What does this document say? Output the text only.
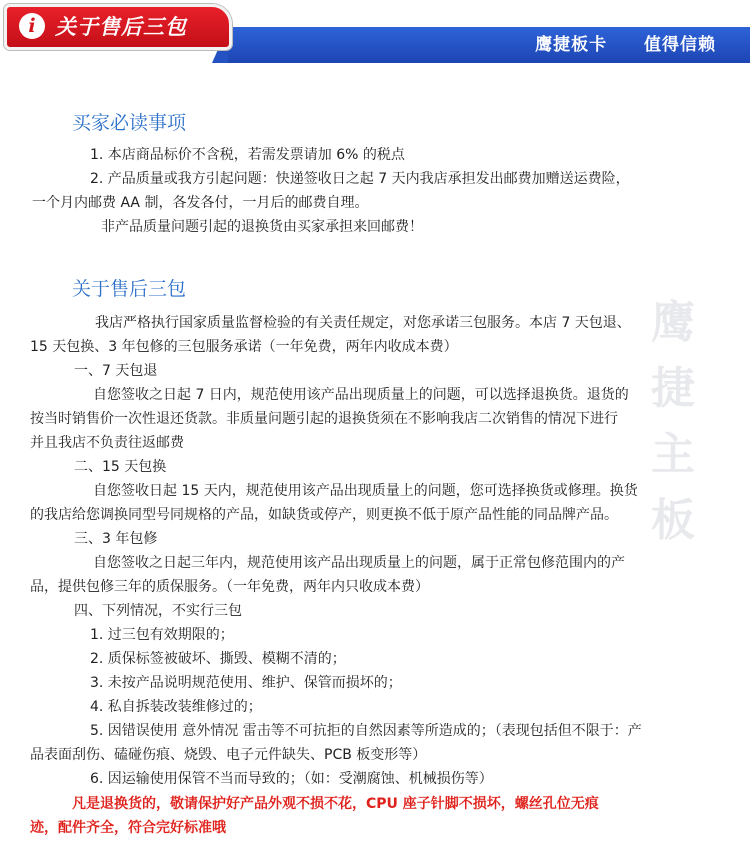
鹰捷板卡 值得信赖
i 关于售后三包
鹰
捷
主
板
买家必读事项
1. 本店商品标价不含税，若需发票请加 6% 的税点
2. 产品质量或我方引起问题：快递签收日之起 7 天内我店承担发出邮费加赠送运费险，
一个月内邮费 AA 制，各发各付，一月后的邮费自理。
非产品质量问题引起的退换货由买家承担来回邮费！
关于售后三包
我店严格执行国家质量监督检验的有关责任规定，对您承诺三包服务。本店 7 天包退、
15 天包换、3 年包修的三包服务承诺（一年免费，两年内收成本费）
一、7 天包退
自您签收之日起 7 日内，规范使用该产品出现质量上的问题，可以选择退换货。退货的
按当时销售价一次性退还货款。非质量问题引起的退换货须在不影响我店二次销售的情况下进行
并且我店不负责往返邮费
二、15 天包换
自您签收日起 15 天内，规范使用该产品出现质量上的问题，您可选择换货或修理。换货
的我店给您调换同型号同规格的产品，如缺货或停产，则更换不低于原产品性能的同品牌产品。
三、3 年包修
自您签收之日起三年内，规范使用该产品出现质量上的问题，属于正常包修范围内的产
品，提供包修三年的质保服务。（一年免费，两年内只收成本费）
四、下列情况，不实行三包
1. 过三包有效期限的；
2. 质保标签被破坏、撕毁、模糊不清的；
3. 未按产品说明规范使用、维护、保管而损坏的；
4. 私自拆装改装维修过的；
5. 因错误使用 意外情况 雷击等不可抗拒的自然因素等所造成的；（表现包括但不限于：产
品表面刮伤、磕碰伤痕、烧毁、电子元件缺失、PCB 板变形等）
6. 因运输使用保管不当而导致的；（如：受潮腐蚀、机械损伤等）
凡是退换货的，敬请保护好产品外观不损不花，CPU 座子针脚不损坏，螺丝孔位无痕
迹，配件齐全，符合完好标准哦
